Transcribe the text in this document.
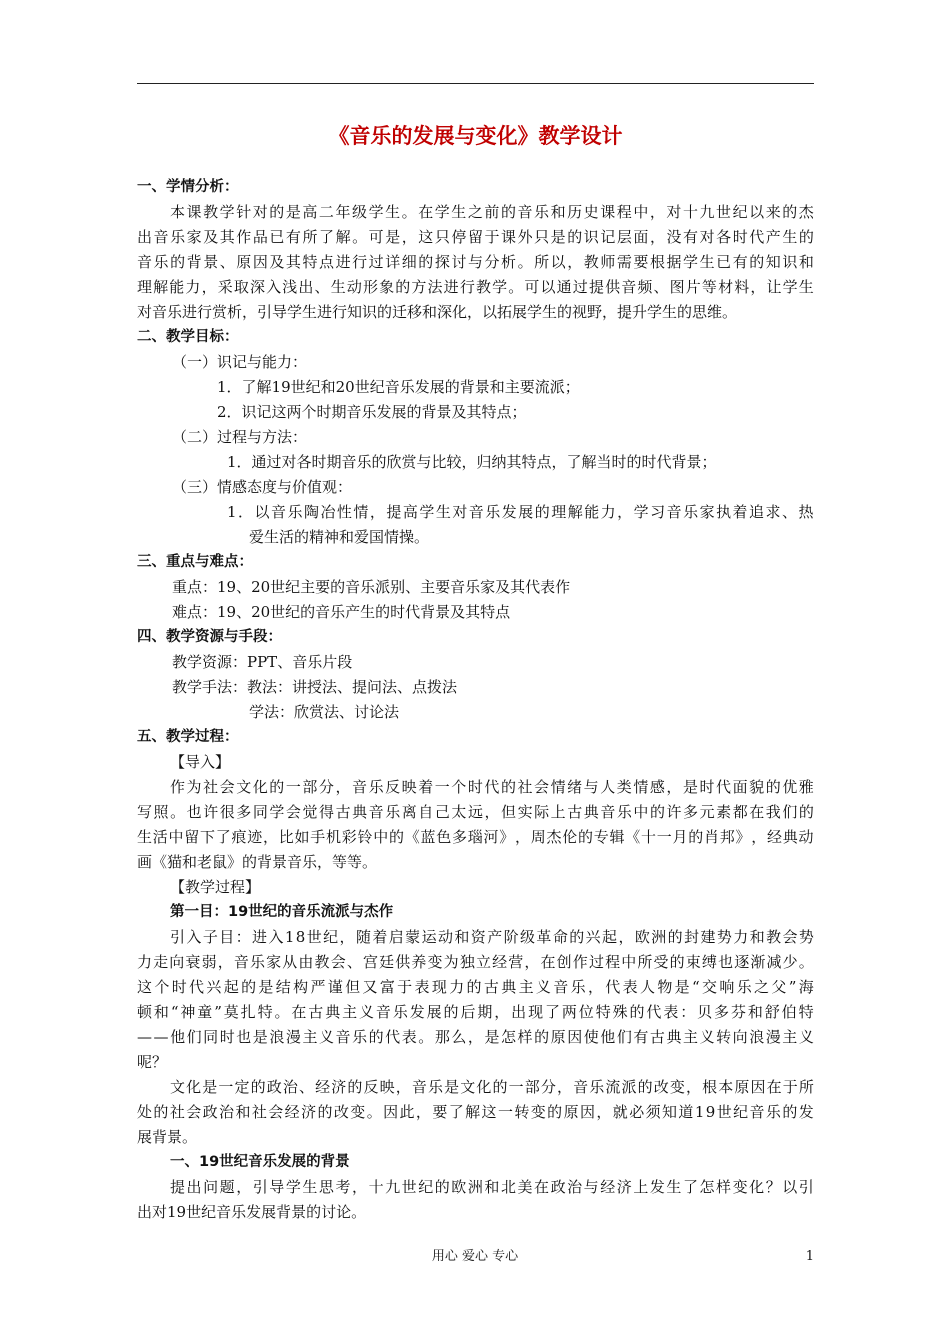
《音乐的发展与变化》教学设计
一、学情分析：
本 课 教 学 针 对 的 是 高 二 年 级 学 生 。 在 学 生 之 前 的 音 乐 和 历 史 课 程 中 ， 对 十 九 世 纪 以 来 的 杰
出 音 乐 家 及 其 作 品 已 有 所 了 解 。 可 是 ， 这 只 停 留 于 课 外 只 是 的 识 记 层 面 ， 没 有 对 各 时 代 产 生 的
音 乐 的 背 景 、 原 因 及 其 特 点 进 行 过 详 细 的 探 讨 与 分 析 。 所 以 ， 教 师 需 要 根 据 学 生 已 有 的 知 识 和
理 解 能 力 ， 采 取 深 入 浅 出 、 生 动 形 象 的 方 法 进 行 教 学 。 可 以 通 过 提 供 音 频 、 图 片 等 材 料 ， 让 学 生
对音乐进行赏析，引导学生进行知识的迁移和深化，以拓展学生的视野，提升学生的思维。
二、教学目标：
（一）识记与能力：
1．了解19世纪和20世纪音乐发展的背景和主要流派；
2．识记这两个时期音乐发展的背景及其特点；
（二）过程与方法：
1．通过对各时期音乐的欣赏与比较，归纳其特点，了解当时的时代背景；
（三）情感态度与价值观：
1 ． 以 音 乐 陶 冶 性 情 ， 提 高 学 生 对 音 乐 发 展 的 理 解 能 力 ， 学 习 音 乐 家 执 着 追 求 、 热
爱生活的精神和爱国情操。
三、重点与难点：
重点：19、20世纪主要的音乐派别、主要音乐家及其代表作
难点：19、20世纪的音乐产生的时代背景及其特点
四、教学资源与手段：
教学资源：PPT、音乐片段
教学手法：教法：讲授法、提问法、点拨法
学法：欣赏法、讨论法
五、教学过程：
【导入】
作 为 社 会 文 化 的 一 部 分 ， 音 乐 反 映 着 一 个 时 代 的 社 会 情 绪 与 人 类 情 感 ， 是 时 代 面 貌 的 优 雅
写 照 。 也 许 很 多 同 学 会 觉 得 古 典 音 乐 离 自 己 太 远 ， 但 实 际 上 古 典 音 乐 中 的 许 多 元 素 都 在 我 们 的
生 活 中 留 下 了 痕 迹 ， 比 如 手 机 彩 铃 中 的 《 蓝 色 多 瑙 河 》 ， 周 杰 伦 的 专 辑 《 十 一 月 的 肖 邦 》 ， 经 典 动
画《猫和老鼠》的背景音乐，等等。
【教学过程】
第一目：19世纪的音乐流派与杰作
引 入 子 目 ： 进 入 1 8 世 纪 ， 随 着 启 蒙 运 动 和 资 产 阶 级 革 命 的 兴 起 ， 欧 洲 的 封 建 势 力 和 教 会 势
力 走 向 衰 弱 ， 音 乐 家 从 由 教 会 、 宫 廷 供 养 变 为 独 立 经 营 ， 在 创 作 过 程 中 所 受 的 束 缚 也 逐 渐 减 少 。
这 个 时 代 兴 起 的 是 结 构 严 谨 但 又 富 于 表 现 力 的 古 典 主 义 音 乐 ， 代 表 人 物 是 “ 交 响 乐 之 父 ” 海
顿 和 “ 神 童 ” 莫 扎 特 。 在 古 典 主 义 音 乐 发 展 的 后 期 ， 出 现 了 两 位 特 殊 的 代 表 ： 贝 多 芬 和 舒 伯 特
— — 他 们 同 时 也 是 浪 漫 主 义 音 乐 的 代 表 。 那 么 ， 是 怎 样 的 原 因 使 他 们 有 古 典 主 义 转 向 浪 漫 主 义
呢？
文 化 是 一 定 的 政 治 、 经 济 的 反 映 ， 音 乐 是 文 化 的 一 部 分 ， 音 乐 流 派 的 改 变 ， 根 本 原 因 在 于 所
处 的 社 会 政 治 和 社 会 经 济 的 改 变 。 因 此 ， 要 了 解 这 一 转 变 的 原 因 ， 就 必 须 知 道 1 9 世 纪 音 乐 的 发
展背景。
一、19世纪音乐发展的背景
提 出 问 题 ， 引 导 学 生 思 考 ， 十 九 世 纪 的 欧 洲 和 北 美 在 政 治 与 经 济 上 发 生 了 怎 样 变 化 ？ 以 引
出对19世纪音乐发展背景的讨论。
用心 爱心 专心	1
